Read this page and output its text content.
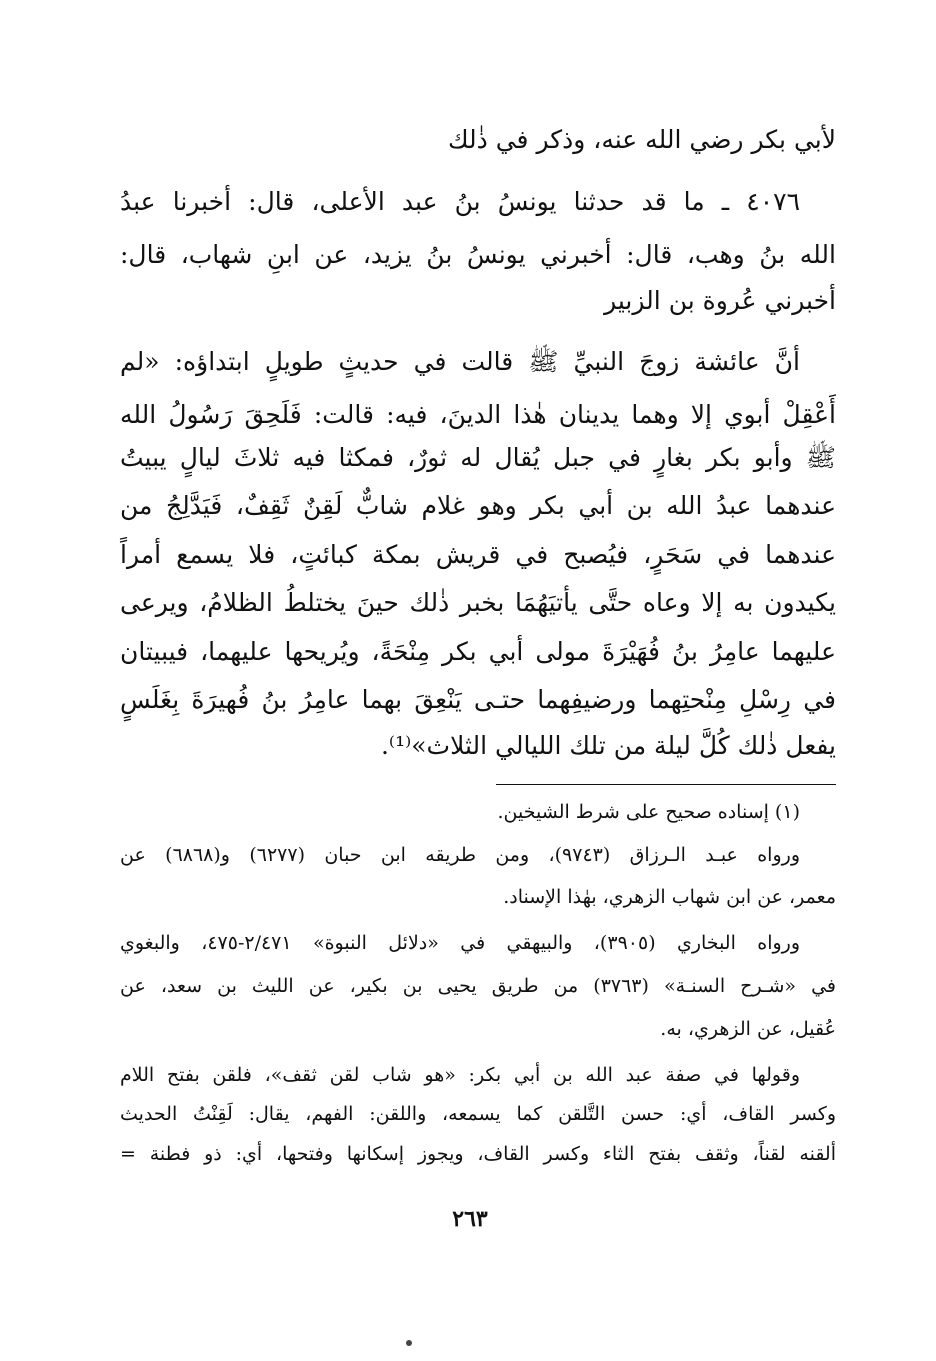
لأبي بكر رضي الله عنه، وذكر في ذٰلك
٤٠٧٦ ـ ما قد حدثنا يونسُ بنُ عبد الأعلى، قال: أخبرنا عبدُ
الله بنُ وهب، قال: أخبرني يونسُ بنُ يزيد، عن ابنِ شهاب، قال:
أخبرني عُروة بن الزبير
أنَّ عائشة زوجَ النبيِّ ﷺ قالت في حديثٍ طويلٍ ابتداؤه: «لم
أَعْقِلْ أبوي إلا وهما يدينان هٰذا الدينَ، فيه: قالت: فَلَحِقَ رَسُولُ الله
ﷺ وأبو بكر بغارٍ في جبل يُقال له ثورٌ، فمكثا فيه ثلاثَ ليالٍ يبيتُ
عندهما عبدُ الله بن أبي بكر وهو غلام شابٌّ لَقِنٌ ثَقِفٌ، فَيَدَّلِجُ من
عندهما في سَحَرٍ، فيُصبح في قريش بمكة كبائتٍ، فلا يسمع أمراً
يكيدون به إلا وعاه حتَّى يأتيَهُمَا بخبر ذٰلك حينَ يختلطُ الظلامُ، ويرعى
عليهما عامِرُ بنُ فُهَيْرَةَ مولى أبي بكر مِنْحَةً، ويُريحها عليهما، فيبيتان
في رِسْلِ مِنْحتِهما ورضيفِهما حتـى يَنْعِقَ بهما عامِرُ بنُ فُهيرَةَ بِغَلَسٍ
يفعل ذٰلك كُلَّ ليلة من تلك الليالي الثلاث»⁽¹⁾.
(١) إسناده صحيح على شرط الشيخين.
ورواه عبـد الـرزاق (٩٧٤٣)، ومن طريقه ابن حبان (٦٢٧٧) و(٦٨٦٨) عن
معمر، عن ابن شهاب الزهري، بهٰذا الإسناد.
ورواه البخاري (٣٩٠٥)، والبيهقي في «دلائل النبوة» ٢/٤٧١-٤٧٥، والبغوي
في «شـرح السنـة» (٣٧٦٣) من طريق يحيى بن بكير، عن الليث بن سعد، عن
عُقيل، عن الزهري، به.
وقولها في صفة عبد الله بن أبي بكر: «هو شاب لقن ثقف»، فلقن بفتح اللام
وكسر القاف، أي: حسن التَّلقن كما يسمعه، واللقن: الفهم، يقال: لَقِنْتُ الحديث
ألقنه لقناً، وثقف بفتح الثاء وكسر القاف، ويجوز إسكانها وفتحها، أي: ذو فطنة =
٢٦٣
